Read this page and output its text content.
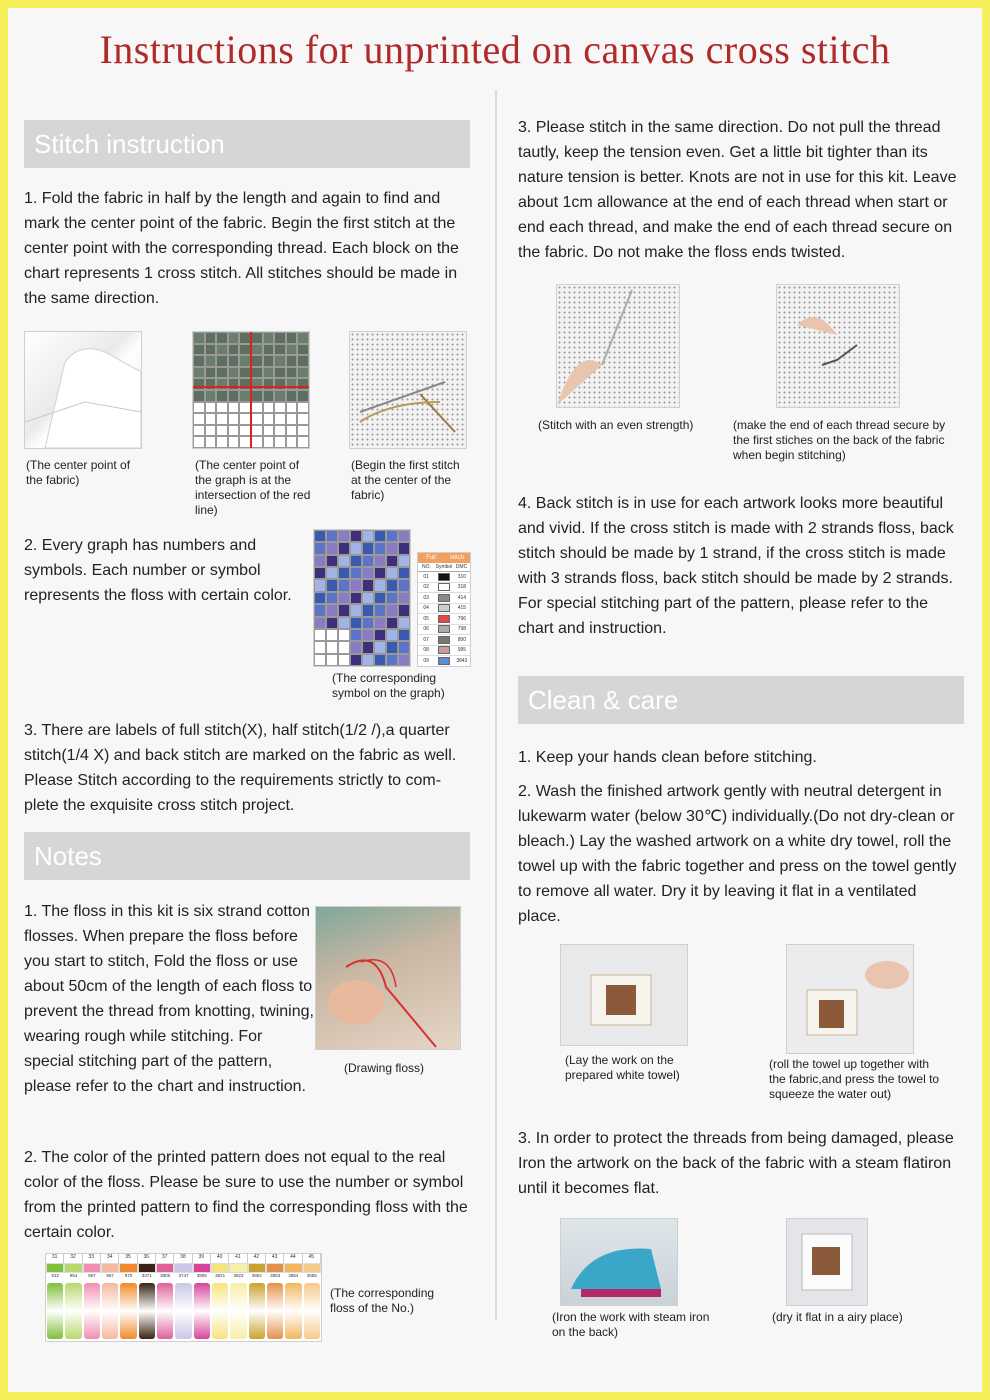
Instructions for unprinted on canvas cross stitch
Stitch instruction

1. Fold the fabric in half by the length and again to find and mark the center point of the fabric. Begin the first stitch at the center point with the corresponding thread. Each block on the chart represents 1 cross stitch. All stitches should be made in the same direction.

(The center point of the fabric)
(The center point of the graph is at the intersection of the red line)
(Begin the first stitch at the center of the fabric)

2. Every graph has numbers and symbols. Each number or symbol represents the floss with certain color.

Full	stitch
NO. Symbol DMC
01	310
02	318
03	414
04	415
05	796
06	798
07	800
08	995
09	3843
(The corresponding symbol on the graph)

3. There are labels of full stitch(X), half stitch(1/2 /),a quarter stitch(1/4 X) and back stitch are marked on the fabric as well. Please Stitch according to the requirements strictly to com-plete the exquisite cross stitch project.

Notes

1. The floss in this kit is six strand cotton flosses. When prepare the floss before you start to stitch, Fold the floss or use about 50cm of the length of each floss to prevent the thread from knotting, twining, wearing rough while stitching. For special stitching part of the pattern, please refer to the chart and instruction.

(Drawing floss)

2. The color of the printed pattern does not equal to the real color of the floss. Please be sure to use the number or symbol from the printed pattern to find the corresponding floss with the certain color.

31	32	33	34	35	36	37	38	39	40	41	42	43	44	45
912	954	957	967	970	3371	3806	3747	3805	3821	3823	3852	3853	3854	3855
(The corresponding floss of the No.)

3. Please stitch in the same direction. Do not pull the thread tautly, keep the tension even. Get a little bit tighter than its nature tension is better. Knots are not in use for this kit. Leave about 1cm allowance at the end of each thread when start or end each thread, and make the end of each thread secure on the fabric. Do not make the floss ends twisted.

(Stitch with an even strength)	(make the end of each thread secure by the first stiches on the back of the fabric when begin stitching)

4. Back stitch is in use for each artwork looks more beautiful and vivid. If the cross stitch is made with 2 strands floss, back stitch should be made by 1 strand, if the cross stitch is made with 3 strands floss, back stitch should be made by 2 strands. For special stitching part of the pattern, please refer to the chart and instruction.

Clean & care

1. Keep your hands clean before stitching.

2. Wash the finished artwork gently with neutral detergent in lukewarm water (below 30℃) individually.(Do not dry-clean or bleach.) Lay the washed artwork on a white dry towel, roll the towel up with the fabric together and press on the towel gently to remove all water. Dry it by leaving it flat in a ventilated place.

(Lay the work on the prepared white towel)
(roll the towel up together with the fabric,and press the towel to squeeze the water out)

3. In order to protect the threads from being damaged, please Iron the artwork on the back of the fabric with a steam flatiron until it becomes flat.

(Iron the work with steam iron on the back)
(dry it flat in a airy place)
